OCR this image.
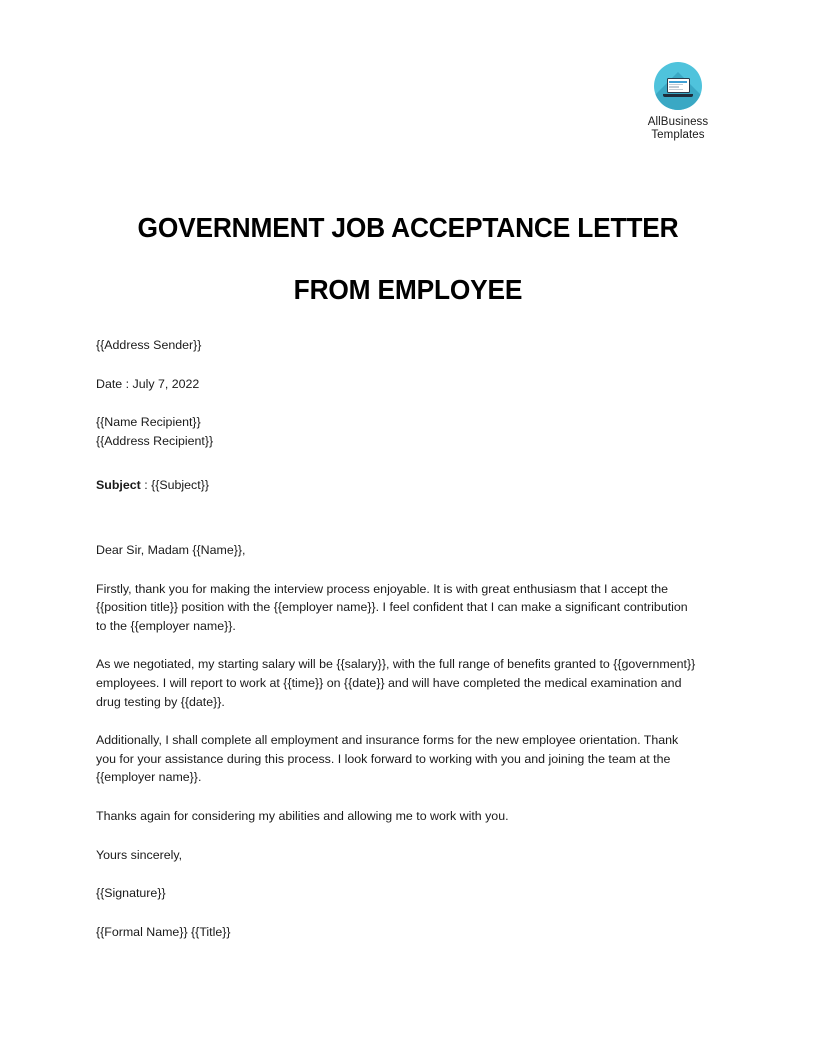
AllBusiness
Templates
GOVERNMENT JOB ACCEPTANCE LETTER
FROM EMPLOYEE

{{Address Sender}}

Date : July 7, 2022

{{Name Recipient}}

{{Address Recipient}}

Subject : {{Subject}}

Dear Sir, Madam {{Name}},

Firstly, thank you for making the interview process enjoyable. It is with great enthusiasm that I accept the {{position title}} position with the {{employer name}}. I feel confident that I can make a significant contribution to the {{employer name}}.

As we negotiated, my starting salary will be {{salary}}, with the full range of benefits granted to {{government}} employees. I will report to work at {{time}} on {{date}} and will have completed the medical examination and drug testing by {{date}}.

Additionally, I shall complete all employment and insurance forms for the new employee orientation. Thank you for your assistance during this process. I look forward to working with you and joining the team at the {{employer name}}.

Thanks again for considering my abilities and allowing me to work with you.

Yours sincerely,

{{Signature}}

{{Formal Name}} {{Title}}
